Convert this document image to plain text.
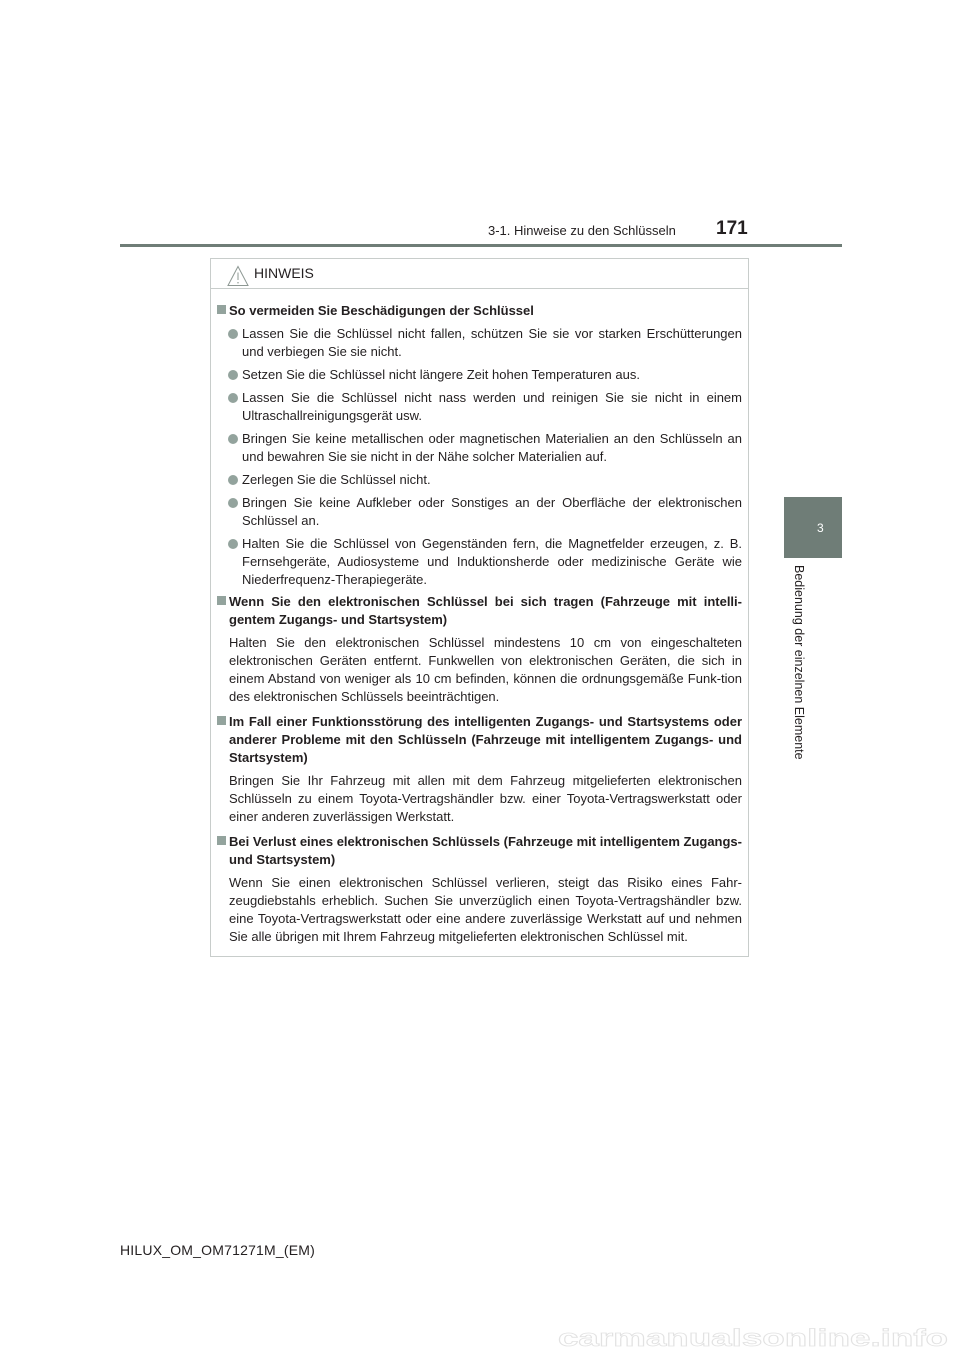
3-1. Hinweise zu den Schlüsseln 171
3
Bedienung der einzelnen Elemente
HINWEIS
So vermeiden Sie Beschädigungen der Schlüssel
Lassen Sie die Schlüssel nicht fallen, schützen Sie sie vor starken Erschütterungen und verbiegen Sie sie nicht.
Setzen Sie die Schlüssel nicht längere Zeit hohen Temperaturen aus.
Lassen Sie die Schlüssel nicht nass werden und reinigen Sie sie nicht in einem Ultraschallreinigungsgerät usw.
Bringen Sie keine metallischen oder magnetischen Materialien an den Schlüsseln an und bewahren Sie sie nicht in der Nähe solcher Materialien auf.
Zerlegen Sie die Schlüssel nicht.
Bringen Sie keine Aufkleber oder Sonstiges an der Oberfläche der elektronischen Schlüssel an.
Halten Sie die Schlüssel von Gegenständen fern, die Magnetfelder erzeugen, z. B. Fernsehgeräte, Audiosysteme und Induktionsherde oder medizinische Geräte wie Niederfrequenz-Therapiegeräte.
Wenn Sie den elektronischen Schlüssel bei sich tragen (Fahrzeuge mit intelli-gentem Zugangs- und Startsystem)
Halten Sie den elektronischen Schlüssel mindestens 10 cm von eingeschalteten elektronischen Geräten entfernt. Funkwellen von elektronischen Geräten, die sich in einem Abstand von weniger als 10 cm befinden, können die ordnungsgemäße Funk-tion des elektronischen Schlüssels beeinträchtigen.
Im Fall einer Funktionsstörung des intelligenten Zugangs- und Startsystems oder anderer Probleme mit den Schlüsseln (Fahrzeuge mit intelligentem Zugangs- und Startsystem)
Bringen Sie Ihr Fahrzeug mit allen mit dem Fahrzeug mitgelieferten elektronischen Schlüsseln zu einem Toyota-Vertragshändler bzw. einer Toyota-Vertragswerkstatt oder einer anderen zuverlässigen Werkstatt.
Bei Verlust eines elektronischen Schlüssels (Fahrzeuge mit intelligentem Zugangs- und Startsystem)
Wenn Sie einen elektronischen Schlüssel verlieren, steigt das Risiko eines Fahr-zeugdiebstahls erheblich. Suchen Sie unverzüglich einen Toyota-Vertragshändler bzw. eine Toyota-Vertragswerkstatt oder eine andere zuverlässige Werkstatt auf und nehmen Sie alle übrigen mit Ihrem Fahrzeug mitgelieferten elektronischen Schlüssel mit.
HILUX_OM_OM71271M_(EM)
carmanualsonline.info
